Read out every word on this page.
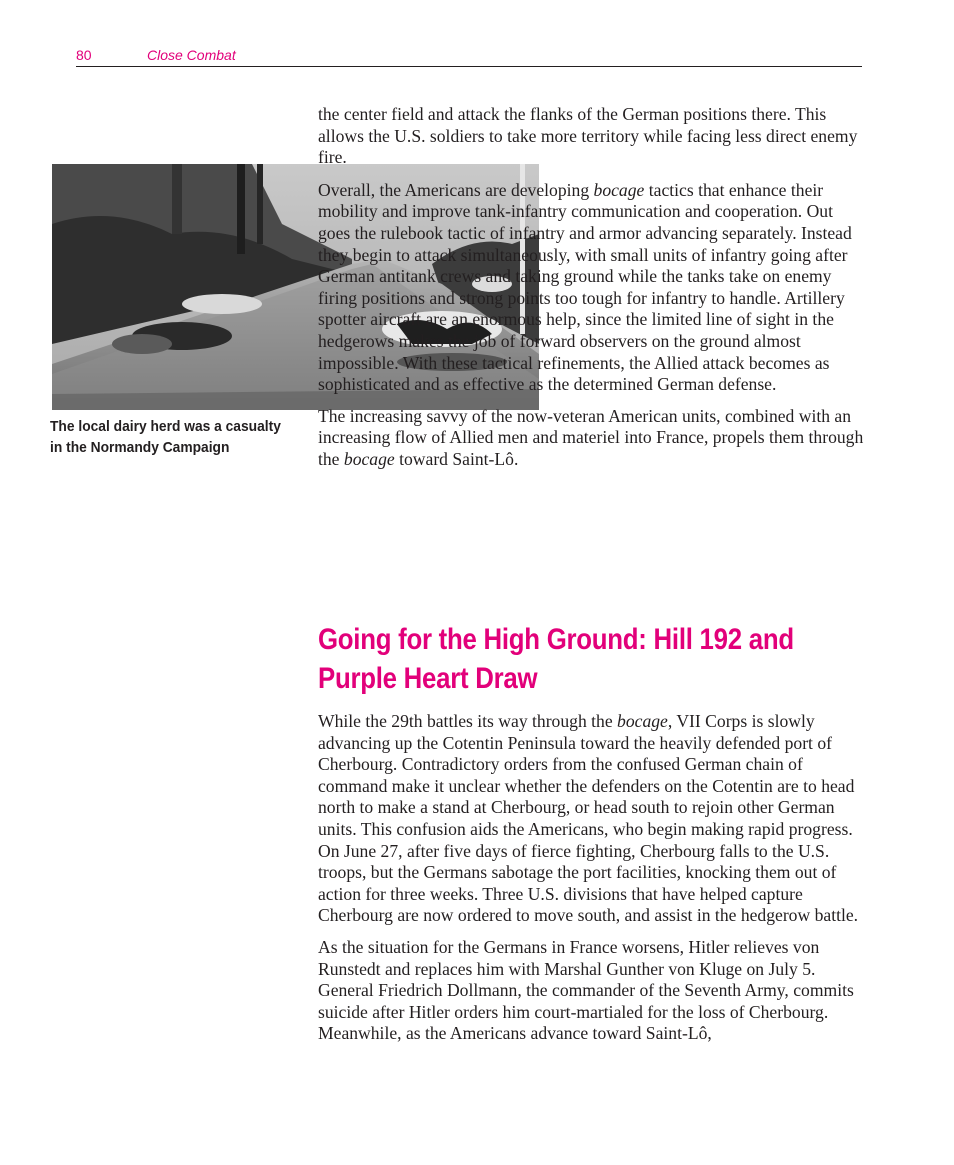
80	Close Combat
The local dairy herd was a casualty in the Normandy Campaign

the center field and attack the flanks of the German positions there. This allows the U.S. soldiers to take more territory while facing less direct enemy fire.

Overall, the Americans are developing bocage tactics that enhance their mobility and improve tank-infantry communication and cooperation. Out goes the rulebook tactic of infantry and armor advancing separately. Instead they begin to attack simultaneously, with small units of infantry going after German antitank crews and taking ground while the tanks take on enemy firing positions and strong points too tough for infantry to handle. Artillery spotter aircraft are an enormous help, since the limited line of sight in the hedgerows makes the job of forward observers on the ground almost impossible. With these tactical refinements, the Allied attack becomes as sophisticated and as effective as the determined German defense.

The increasing savvy of the now-veteran American units, combined with an increasing flow of Allied men and materiel into France, propels them through the bocage toward Saint-Lô.

Going for the High Ground: Hill 192 and Purple Heart Draw

While the 29th battles its way through the bocage, VII Corps is slowly advancing up the Cotentin Peninsula toward the heavily defended port of Cherbourg. Contradictory orders from the confused German chain of command make it unclear whether the defenders on the Cotentin are to head north to make a stand at Cherbourg, or head south to rejoin other German units. This confusion aids the Americans, who begin making rapid progress. On June 27, after five days of fierce fighting, Cherbourg falls to the U.S. troops, but the Germans sabotage the port facilities, knocking them out of action for three weeks. Three U.S. divisions that have helped capture Cherbourg are now ordered to move south, and assist in the hedgerow battle.

As the situation for the Germans in France worsens, Hitler relieves von Runstedt and replaces him with Marshal Gunther von Kluge on July 5. General Friedrich Dollmann, the commander of the Seventh Army, commits suicide after Hitler orders him court-martialed for the loss of Cherbourg. Meanwhile, as the Americans advance toward Saint-Lô,
